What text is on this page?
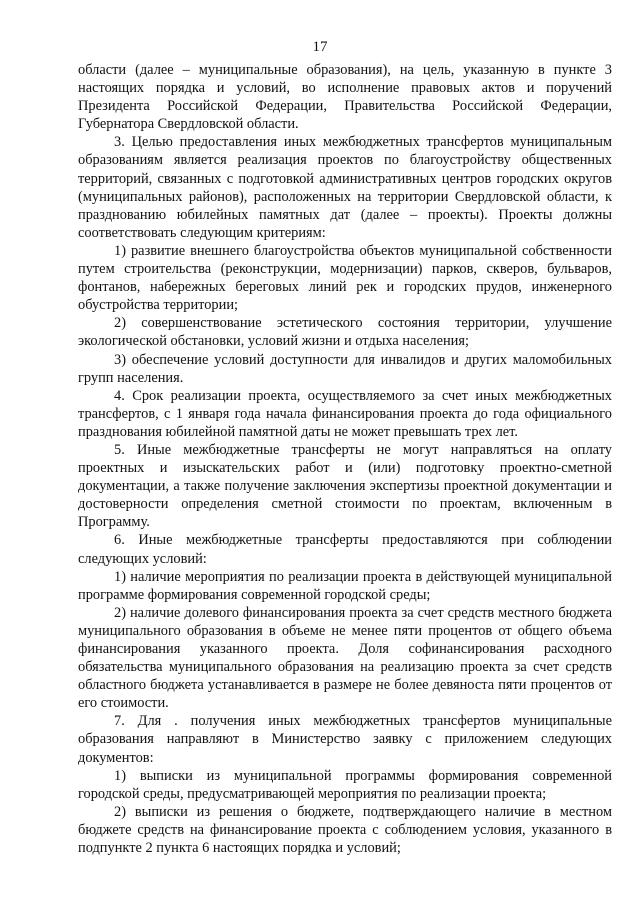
17

области (далее – муниципальные образования), на цель, указанную в пункте 3 настоящих порядка и условий, во исполнение правовых актов и поручений Президента Российской Федерации, Правительства Российской Федерации, Губернатора Свердловской области.

3. Целью предоставления иных межбюджетных трансфертов муниципальным образованиям является реализация проектов по благоустройству общественных территорий, связанных с подготовкой административных центров городских округов (муниципальных районов), расположенных на территории Свердловской области, к празднованию юбилейных памятных дат (далее – проекты). Проекты должны соответствовать следующим критериям:

1) развитие внешнего благоустройства объектов муниципальной собственности путем строительства (реконструкции, модернизации) парков, скверов, бульваров, фонтанов, набережных береговых линий рек и городских прудов, инженерного обустройства территории;

2) совершенствование эстетического состояния территории, улучшение экологической обстановки, условий жизни и отдыха населения;

3) обеспечение условий доступности для инвалидов и других маломобильных групп населения.

4. Срок реализации проекта, осуществляемого за счет иных межбюджетных трансфертов, с 1 января года начала финансирования проекта до года официального празднования юбилейной памятной даты не может превышать трех лет.

5. Иные межбюджетные трансферты не могут направляться на оплату проектных и изыскательских работ и (или) подготовку проектно-сметной документации, а также получение заключения экспертизы проектной документации и достоверности определения сметной стоимости по проектам, включенным в Программу.

6. Иные межбюджетные трансферты предоставляются при соблюдении следующих условий:

1) наличие мероприятия по реализации проекта в действующей муниципальной программе формирования современной городской среды;

2) наличие долевого финансирования проекта за счет средств местного бюджета муниципального образования в объеме не менее пяти процентов от общего объема финансирования указанного проекта. Доля софинансирования расходного обязательства муниципального образования на реализацию проекта за счет средств областного бюджета устанавливается в размере не более девяноста пяти процентов от его стоимости.

7. Для . получения иных межбюджетных трансфертов муниципальные образования направляют в Министерство заявку с приложением следующих документов:

1) выписки из муниципальной программы формирования современной городской среды, предусматривающей мероприятия по реализации проекта;

2) выписки из решения о бюджете, подтверждающего наличие в местном бюджете средств на финансирование проекта с соблюдением условия, указанного в подпункте 2 пункта 6 настоящих порядка и условий;
